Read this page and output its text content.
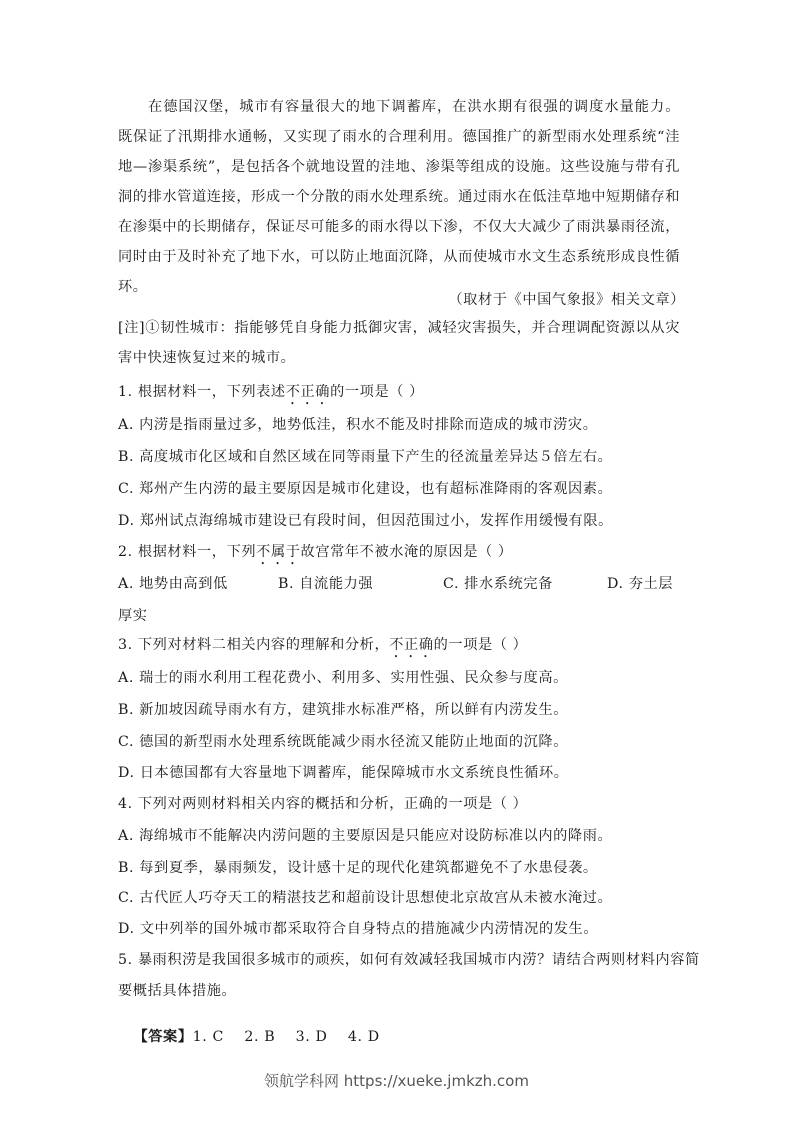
在德国汉堡，城市有容量很大的地下调蓄库，在洪水期有很强的调度水量能力。既保证了汛期排水通畅，又实现了雨水的合理利用。德国推广的新型雨水处理系统“洼地—渗渠系统”，是包括各个就地设置的洼地、渗渠等组成的设施。这些设施与带有孔洞的排水管道连接，形成一个分散的雨水处理系统。通过雨水在低洼草地中短期储存和在渗渠中的长期储存，保证尽可能多的雨水得以下渗，不仅大大减少了雨洪暴雨径流，同时由于及时补充了地下水，可以防止地面沉降，从而使城市水文生态系统形成良性循环。
（取材于《中国气象报》相关文章）
[注]①韧性城市：指能够凭自身能力抵御灾害，减轻灾害损失，并合理调配资源以从灾害中快速恢复过来的城市。
1. 根据材料一，下列表述不正确的一项是（ ）
A. 内涝是指雨量过多，地势低洼，积水不能及时排除而造成的城市涝灾。
B. 高度城市化区域和自然区域在同等雨量下产生的径流量差异达５倍左右。
C. 郑州产生内涝的最主要原因是城市化建设，也有超标准降雨的客观因素。
D. 郑州试点海绵城市建设已有段时间，但因范围过小，发挥作用缓慢有限。
2. 根据材料一，下列不属于故宫常年不被水淹的原因是（ ）
A. 地势由高到低	B. 自流能力强	C. 排水系统完备	D. 夯土层
厚实
3. 下列对材料二相关内容的理解和分析，不正确的一项是（ ）
A. 瑞士的雨水利用工程花费小、利用多、实用性强、民众参与度高。
B. 新加坡因疏导雨水有方，建筑排水标准严格，所以鲜有内涝发生。
C. 德国的新型雨水处理系统既能减少雨水径流又能防止地面的沉降。
D. 日本德国都有大容量地下调蓄库，能保障城市水文系统良性循环。
4. 下列对两则材料相关内容的概括和分析，正确的一项是（ ）
A. 海绵城市不能解决内涝问题的主要原因是只能应对设防标准以内的降雨。
B. 每到夏季，暴雨频发，设计感十足的现代化建筑都避免不了水患侵袭。
C. 古代匠人巧夺天工的精湛技艺和超前设计思想使北京故宫从未被水淹过。
D. 文中列举的国外城市都采取符合自身特点的措施减少内涝情况的发生。
5. 暴雨积涝是我国很多城市的顽疾，如何有效减轻我国城市内涝？请结合两则材料内容简
要概括具体措施。

【答案】1. C    2. B    3. D    4. D

领航学科网 https://xueke.jmkzh.com
